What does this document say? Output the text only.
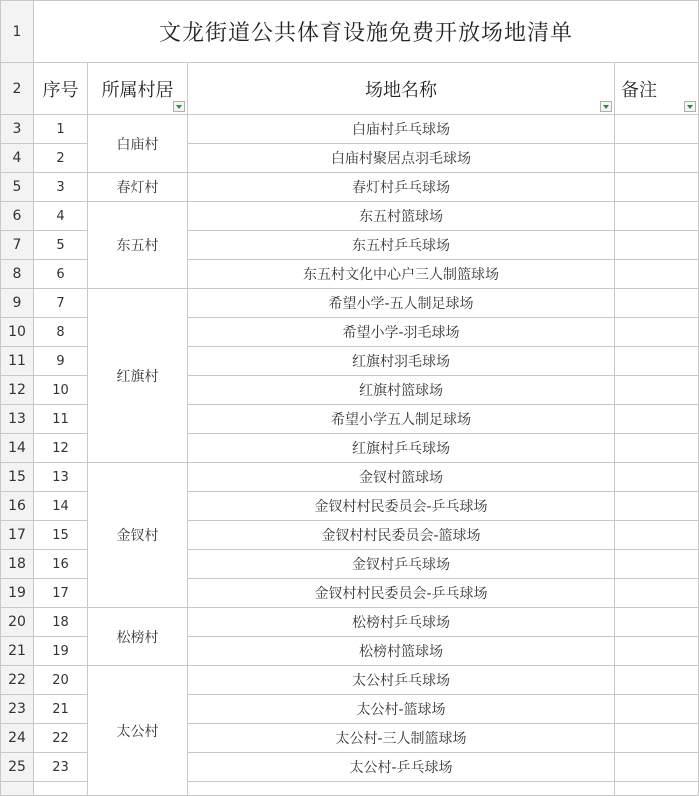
1	文龙街道公共体育设施免费开放场地清单			
2	序号	所属村居	场地名称	备注

3	1	白庙村	白庙村乒乓球场	
4	2		白庙村聚居点羽毛球场	
5	3	春灯村	春灯村乒乓球场	
6	4	东五村	东五村篮球场	
7	5		东五村乒乓球场	
8	6		东五村文化中心户三人制篮球场	
9	7	红旗村	希望小学-五人制足球场	
10	8		希望小学-羽毛球场	
11	9		红旗村羽毛球场	
12	10		红旗村篮球场	
13	11		希望小学五人制足球场	
14	12		红旗村乒乓球场	
15	13	金钗村	金钗村篮球场	
16	14		金钗村村民委员会-乒乓球场	
17	15		金钗村村民委员会-篮球场	
18	16		金钗村乒乓球场	
19	17		金钗村村民委员会-乒乓球场	
20	18	松榜村	松榜村乒乓球场	
21	19		松榜村篮球场	
22	20	太公村	太公村乒乓球场	
23	21		太公村-篮球场	
24	22		太公村-三人制篮球场	
25	23		太公村-乒乓球场	
